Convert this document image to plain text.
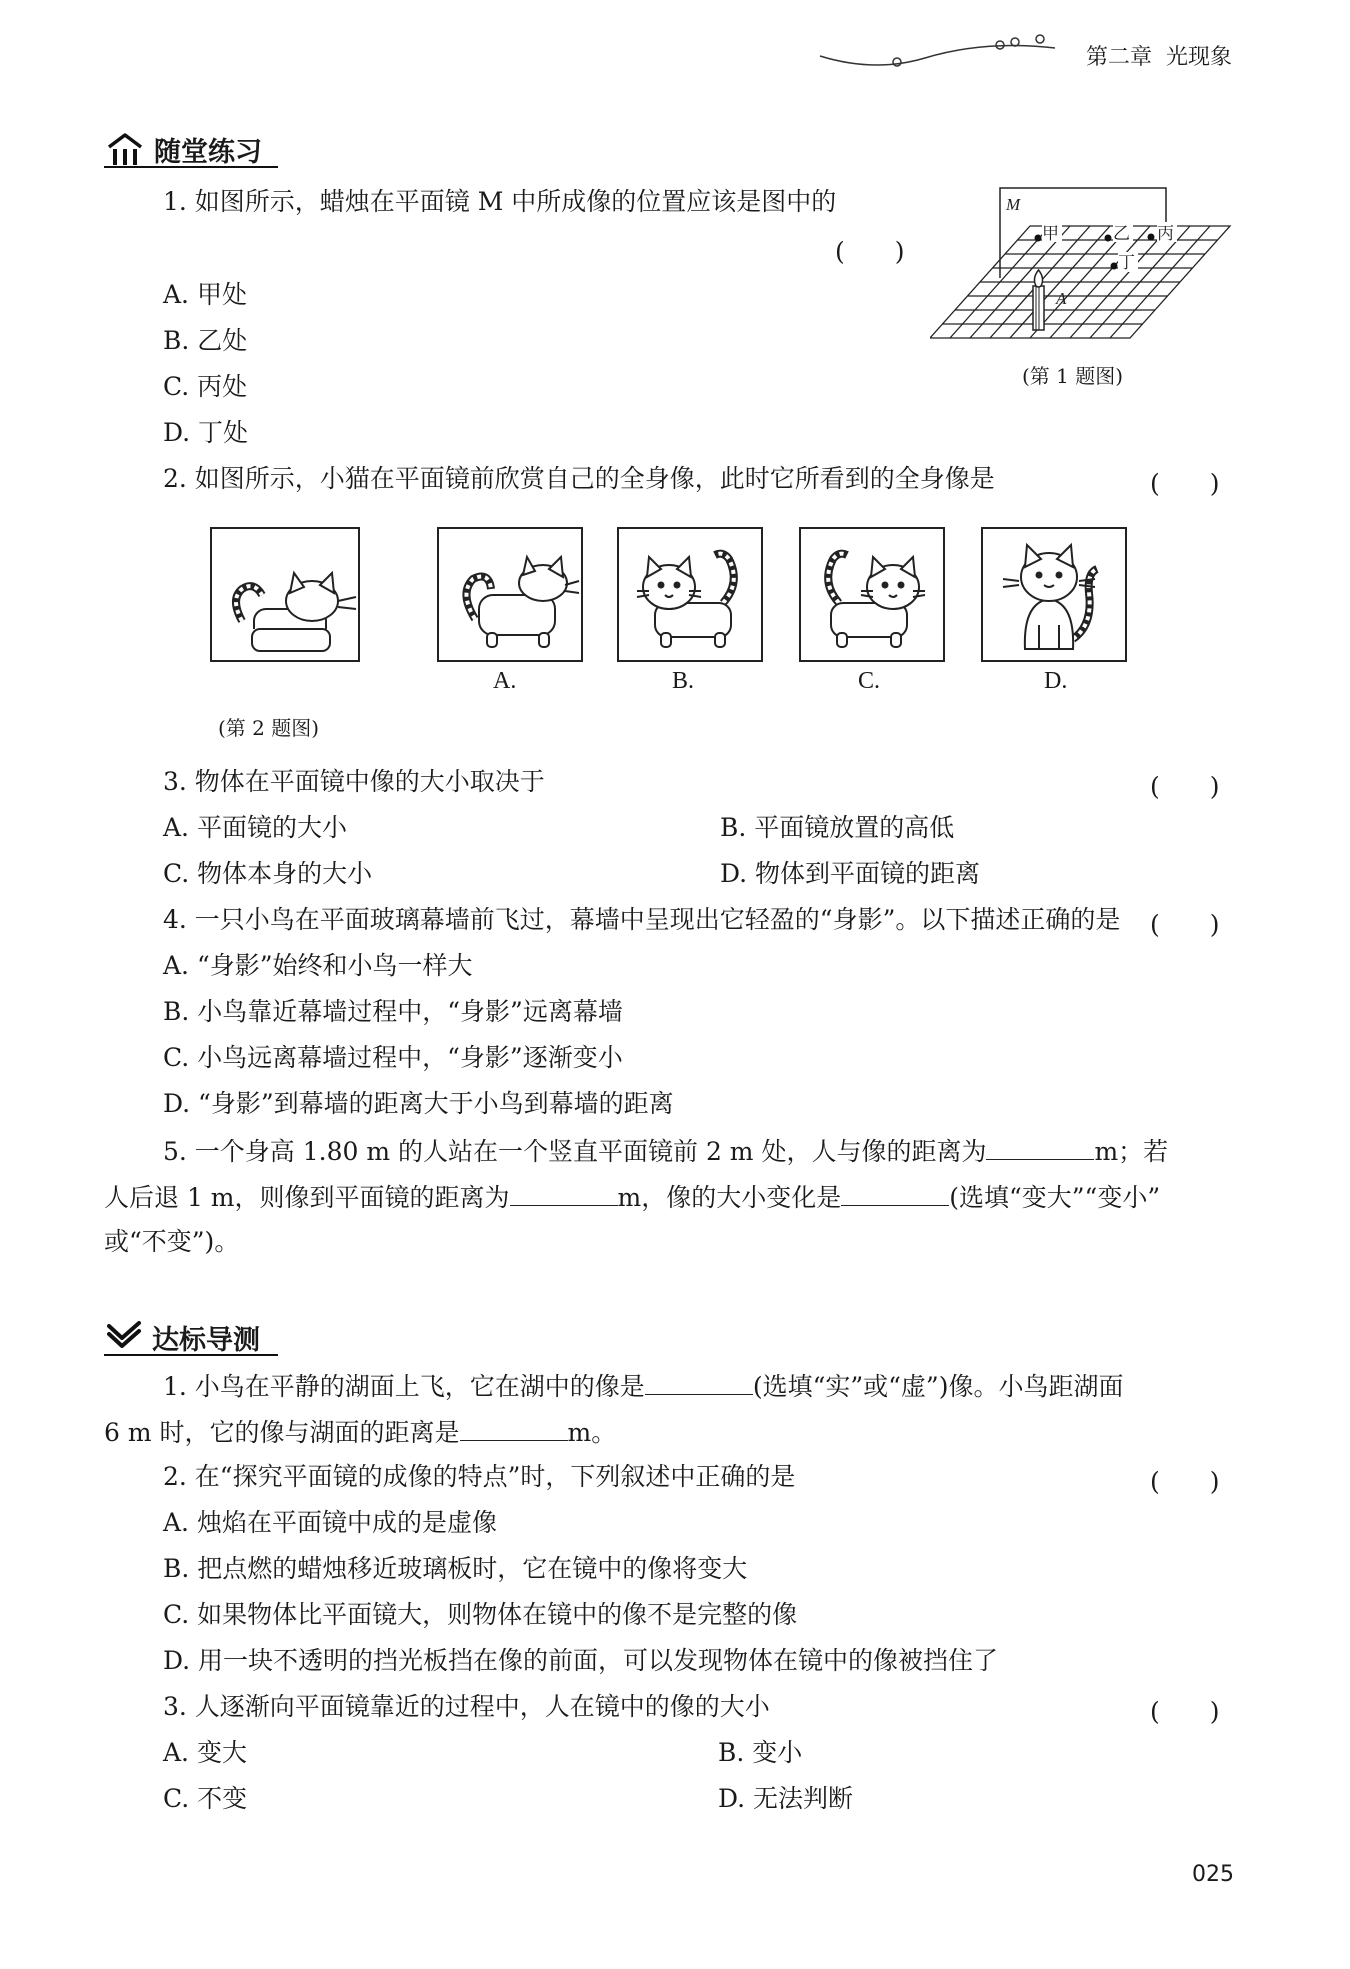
第二章 光现象
随堂练习
1. 如图所示，蜡烛在平面镜 M 中所成像的位置应该是图中的
(　　)
A. 甲处
B. 乙处
C. 丙处
D. 丁处
M
甲	乙 丙
丁
A
(第 1 题图)
2. 如图所示，小猫在平面镜前欣赏自己的全身像，此时它所看到的全身像是	(　　)
(第 2 题图)
A.	B.	C.	D.
3. 物体在平面镜中像的大小取决于	(　　)
A. 平面镜的大小	B. 平面镜放置的高低
C. 物体本身的大小	D. 物体到平面镜的距离
4. 一只小鸟在平面玻璃幕墙前飞过，幕墙中呈现出它轻盈的“身影”。以下描述正确的是 (　　)
A. “身影”始终和小鸟一样大
B. 小鸟靠近幕墙过程中，“身影”远离幕墙
C. 小鸟远离幕墙过程中，“身影”逐渐变小
D. “身影”到幕墙的距离大于小鸟到幕墙的距离
5. 一个身高 1.80 m 的人站在一个竖直平面镜前 2 m 处，人与像的距离为	m；若
人后退 1 m，则像到平面镜的距离为	m，像的大小变化是	(选填“变大”“变小”
或“不变”)。
达标导测
1. 小鸟在平静的湖面上飞，它在湖中的像是	(选填“实”或“虚”)像。小鸟距湖面
6 m 时，它的像与湖面的距离是	m。
2. 在“探究平面镜的成像的特点”时，下列叙述中正确的是	(　　)
A. 烛焰在平面镜中成的是虚像
B. 把点燃的蜡烛移近玻璃板时，它在镜中的像将变大
C. 如果物体比平面镜大，则物体在镜中的像不是完整的像
D. 用一块不透明的挡光板挡在像的前面，可以发现物体在镜中的像被挡住了
3. 人逐渐向平面镜靠近的过程中，人在镜中的像的大小	(　　)
A. 变大	B. 变小
C. 不变	D. 无法判断
025
